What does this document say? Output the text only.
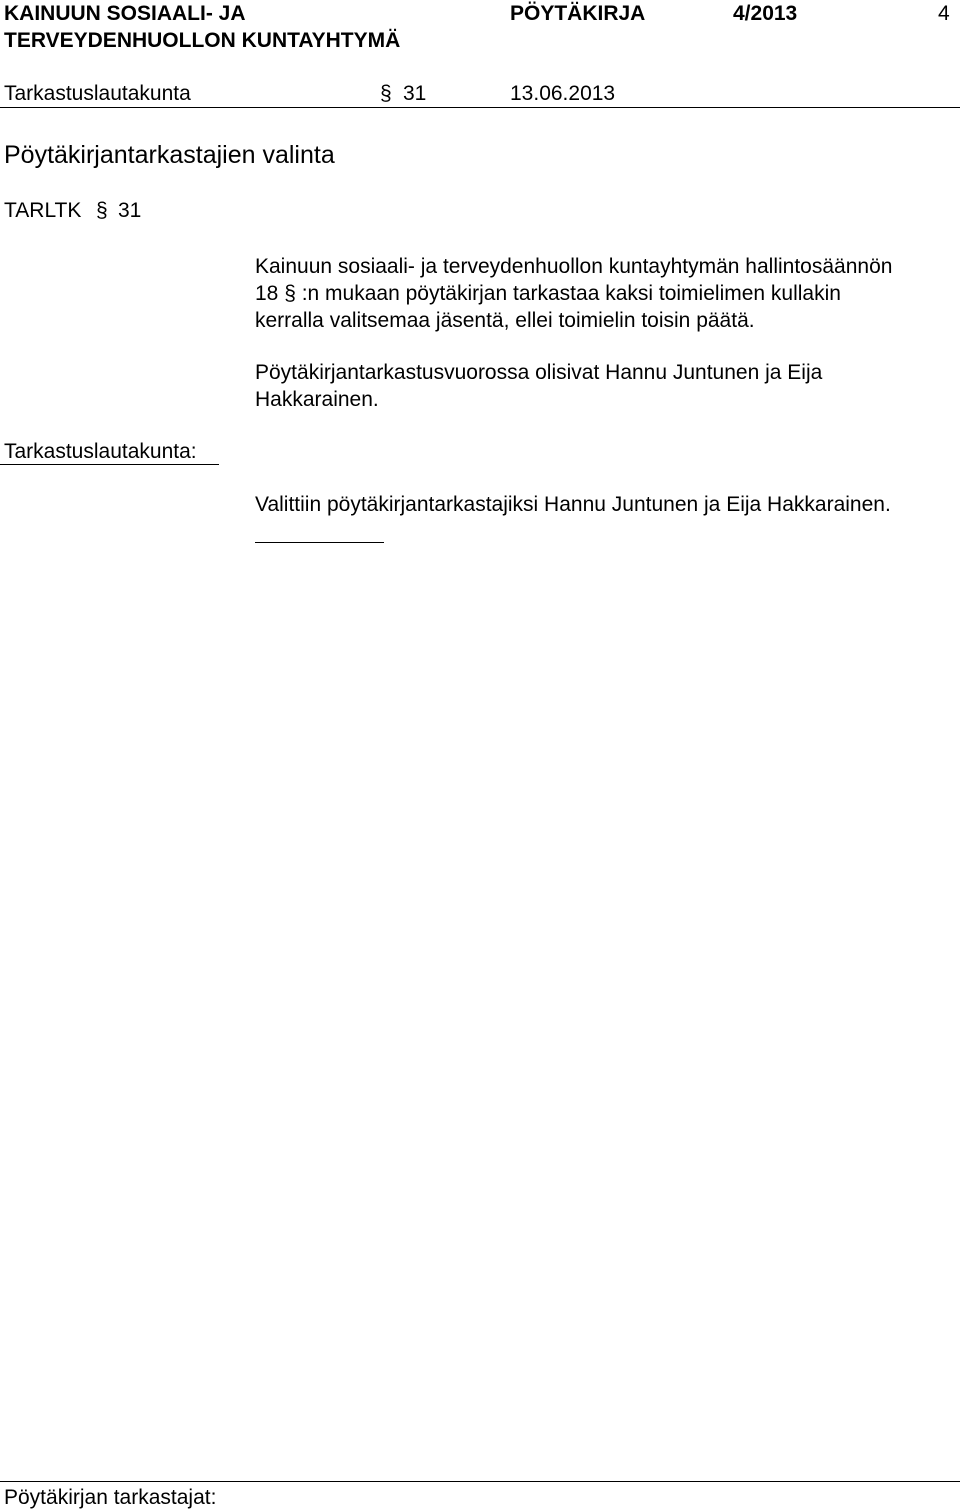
KAINUUN SOSIAALI- JA
TERVEYDENHUOLLON KUNTAYHTYMÄ
PÖYTÄKIRJA	4/2013	4
Tarkastuslautakunta	§ 31	13.06.2013
Pöytäkirjantarkastajien valinta
TARLTK § 31
Kainuun sosiaali- ja terveydenhuollon kuntayhtymän hallintosäännön
18 § :n mukaan pöytäkirjan tarkastaa kaksi toimielimen kullakin
kerralla valitsemaa jäsentä, ellei toimielin toisin päätä.
Pöytäkirjantarkastusvuorossa olisivat Hannu Juntunen ja Eija
Hakkarainen.
Tarkastuslautakunta:
Valittiin pöytäkirjantarkastajiksi Hannu Juntunen ja Eija Hakkarainen.
Pöytäkirjan tarkastajat:
